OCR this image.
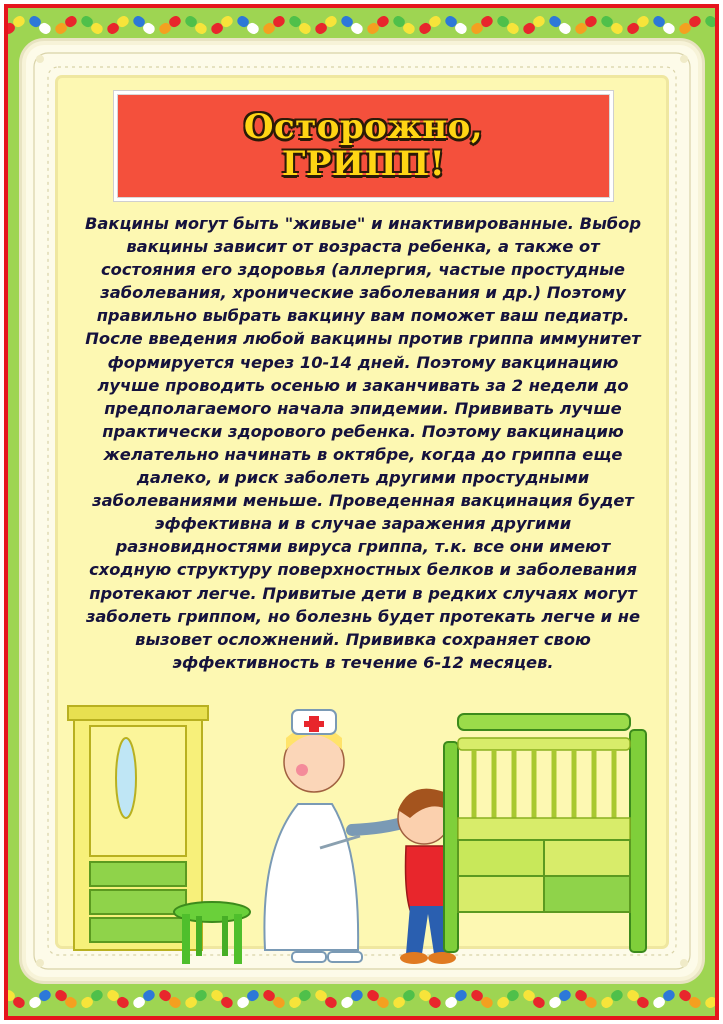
Осторожно,
ГРИПП!

Вакцины могут быть "живые" и инактивированные. Выбор вакцины зависит от возраста ребенка, а также от состояния его здоровья (аллергия, частые простудные заболевания, хронические заболевания и др.) Поэтому правильно выбрать вакцину вам поможет ваш педиатр. После введения любой вакцины против гриппа иммунитет формируется через 10-14 дней. Поэтому вакцинацию лучше проводить осенью и заканчивать за 2 недели до предполагаемого начала эпидемии. Прививать лучше практически здорового ребенка. Поэтому вакцинацию желательно начинать в октябре, когда до гриппа еще далеко, и риск заболеть другими простудными заболеваниями меньше. Проведенная вакцинация будет эффективна и в случае заражения другими разновидностями вируса гриппа, т.к. все они имеют сходную структуру поверхностных белков и заболевания протекают легче. Привитые дети в редких случаях могут заболеть гриппом, но болезнь будет протекать легче и не вызовет осложнений. Прививка сохраняет свою эффективность в течение 6-12 месяцев.
